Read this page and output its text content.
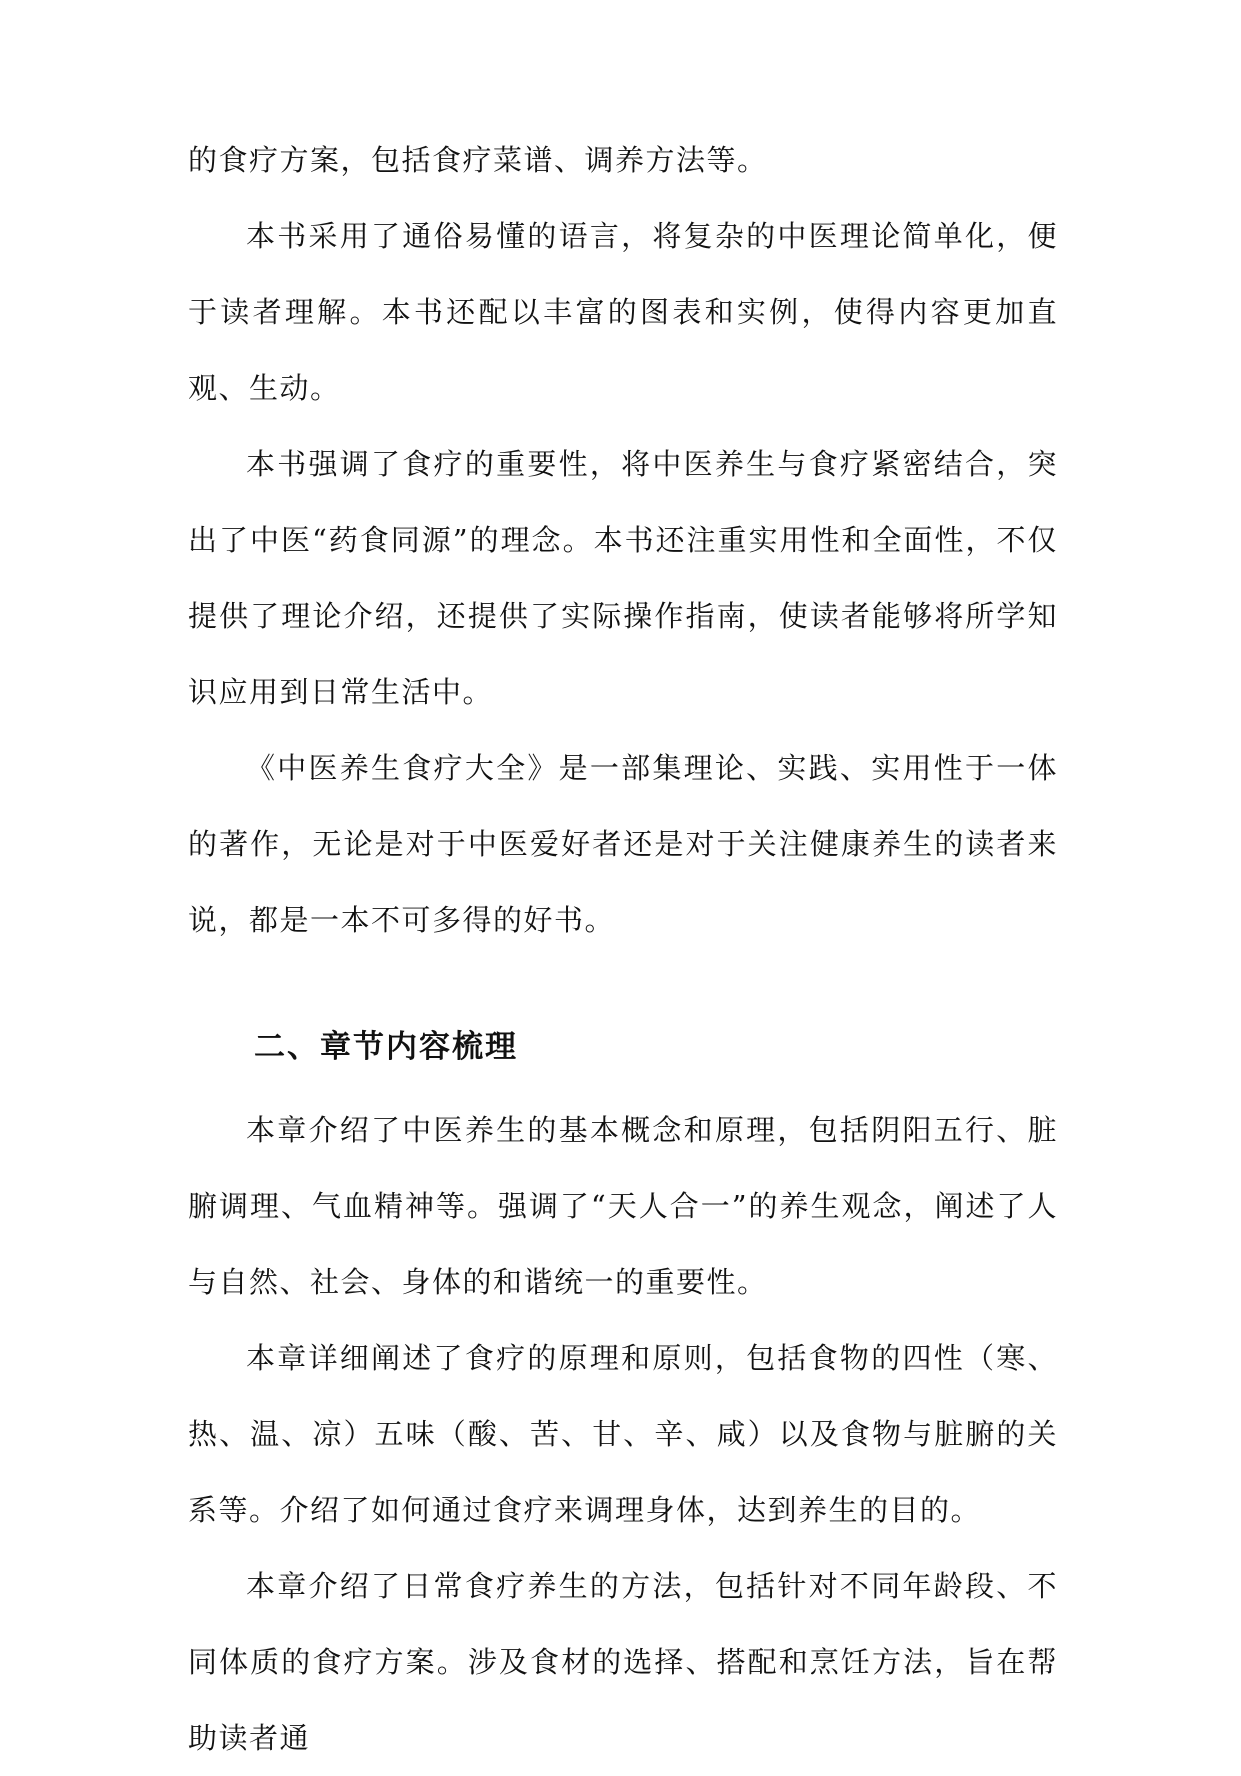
的食疗方案，包括食疗菜谱、调养方法等。

本书采用了通俗易懂的语言，将复杂的中医理论简单化，便于读者理解。本书还配以丰富的图表和实例，使得内容更加直观、生动。

本书强调了食疗的重要性，将中医养生与食疗紧密结合，突出了中医“药食同源”的理念。本书还注重实用性和全面性，不仅提供了理论介绍，还提供了实际操作指南，使读者能够将所学知识应用到日常生活中。

《中医养生食疗大全》是一部集理论、实践、实用性于一体的著作，无论是对于中医爱好者还是对于关注健康养生的读者来说，都是一本不可多得的好书。

二、章节内容梳理

本章介绍了中医养生的基本概念和原理，包括阴阳五行、脏腑调理、气血精神等。强调了“天人合一”的养生观念，阐述了人与自然、社会、身体的和谐统一的重要性。

本章详细阐述了食疗的原理和原则，包括食物的四性（寒、热、温、凉）五味（酸、苦、甘、辛、咸）以及食物与脏腑的关系等。介绍了如何通过食疗来调理身体，达到养生的目的。

本章介绍了日常食疗养生的方法，包括针对不同年龄段、不同体质的食疗方案。涉及食材的选择、搭配和烹饪方法，旨在帮助读者通
